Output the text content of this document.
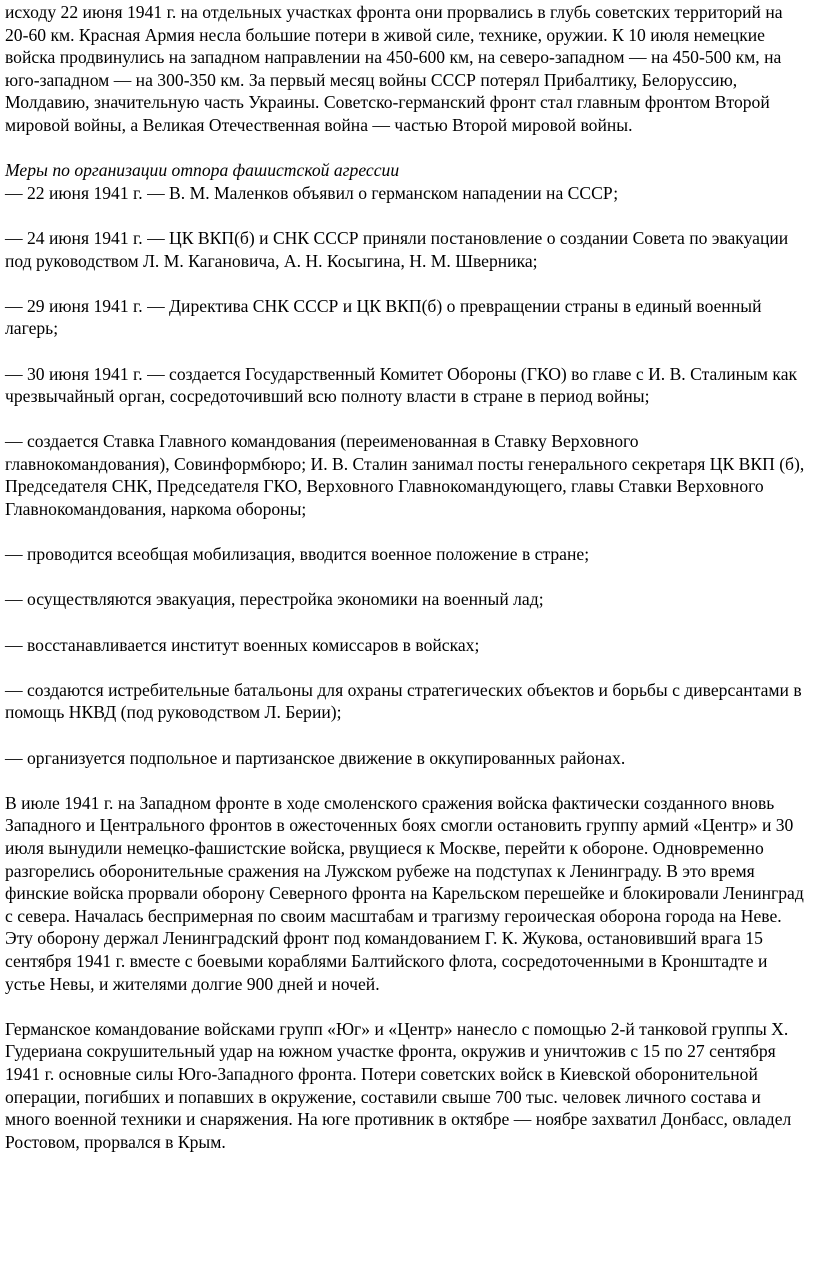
исходу 22 июня 1941 г. на отдельных участках фронта они прорвались в глубь советских территорий на 20-60 км. Красная Армия несла большие потери в живой силе, технике, оружии. К 10 июля немецкие войска продвинулись на западном направлении на 450-600 км, на северо-западном — на 450-500 км, на юго-западном — на 300-350 км. За первый месяц войны СССР потерял Прибалтику, Белоруссию, Молдавию, значительную часть Украины. Советско-германский фронт стал главным фронтом Второй мировой войны, а Великая Отечественная война — частью Второй мировой войны.

Меры по организации отпора фашистской агрессии

— 22 июня 1941 г. — В. М. Маленков объявил о германском нападении на СССР;

— 24 июня 1941 г. — ЦК ВКП(б) и СНК СССР приняли постановление о создании Совета по эвакуации под руководством Л. М. Кагановича, А. Н. Косыгина, Н. М. Шверника;

— 29 июня 1941 г. — Директива СНК СССР и ЦК ВКП(б) о превращении страны в единый военный лагерь;

— 30 июня 1941 г. — создается Государственный Комитет Обороны (ГКО) во главе с И. В. Сталиным как чрезвычайный орган, сосредоточивший всю полноту власти в стране в период войны;

— создается Ставка Главного командования (переименованная в Ставку Верховного главнокомандования), Совинформбюро; И. В. Сталин занимал посты генерального секретаря ЦК ВКП (б), Председателя СНК, Председателя ГКО, Верховного Главнокомандующего, главы Ставки Верховного Главнокомандования, наркома обороны;

— проводится всеобщая мобилизация, вводится военное положение в стране;

— осуществляются эвакуация, перестройка экономики на военный лад;

— восстанавливается институт военных комиссаров в войсках;

— создаются истребительные батальоны для охраны стратегических объектов и борьбы с диверсантами в помощь НКВД (под руководством Л. Берии);

— организуется подпольное и партизанское движение в оккупированных районах.

В июле 1941 г. на Западном фронте в ходе смоленского сражения войска фактически созданного вновь Западного и Центрального фронтов в ожесточенных боях смогли остановить группу армий «Центр» и 30 июля вынудили немецко-фашистские войска, рвущиеся к Москве, перейти к обороне. Одновременно разгорелись оборонительные сражения на Лужском рубеже на подступах к Ленинграду. В это время финские войска прорвали оборону Северного фронта на Карельском перешейке и блокировали Ленинград с севера. Началась беспримерная по своим масштабам и трагизму героическая оборона города на Неве. Эту оборону держал Ленинградский фронт под командованием Г. К. Жукова, остановивший врага 15 сентября 1941 г. вместе с боевыми кораблями Балтийского флота, сосредоточенными в Кронштадте и устье Невы, и жителями долгие 900 дней и ночей.

Германское командование войсками групп «Юг» и «Центр» нанесло с помощью 2-й танковой группы Х. Гудериана сокрушительный удар на южном участке фронта, окружив и уничтожив с 15 по 27 сентября 1941 г. основные силы Юго-Западного фронта. Потери советских войск в Киевской оборонительной операции, погибших и попавших в окружение, составили свыше 700 тыс. человек личного состава и много военной техники и снаряжения. На юге противник в октябре — ноябре захватил Донбасс, овладел Ростовом, прорвался в Крым.
